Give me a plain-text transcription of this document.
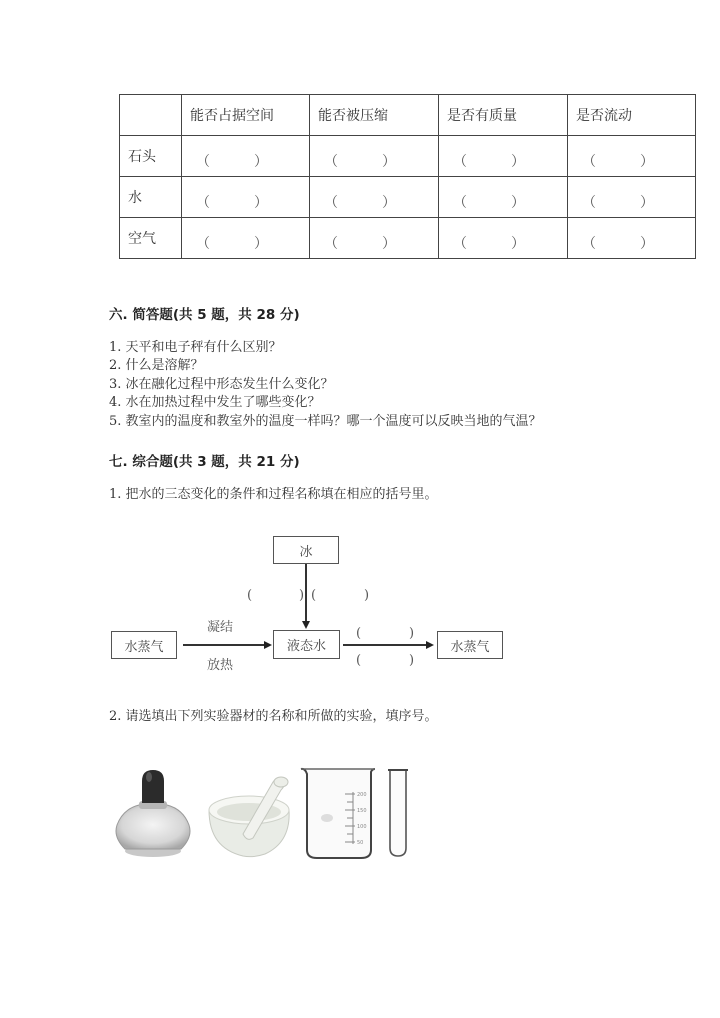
	能否占据空间	能否被压缩	是否有质量	是否流动
石头	（ ）	（ ）	（ ）	（ ）

水	（ ）	（ ）	（ ）	（ ）

空气	（ ）	（ ）	（ ）	（ ）
六. 简答题(共 5 题，共 28 分)
1. 天平和电子秤有什么区别？
2. 什么是溶解？
3. 冰在融化过程中形态发生什么变化？
4. 水在加热过程中发生了哪些变化？
5. 教室内的温度和教室外的温度一样吗？哪一个温度可以反映当地的气温？
七. 综合题(共 3 题，共 21 分)
1. 把水的三态变化的条件和过程名称填在相应的括号里。
冰
(	) (	)
水蒸气
凝结
放热
液态水
(	)
(	)
水蒸气
2. 请选填出下列实验器材的名称和所做的实验，填序号。
200
150
100
50
